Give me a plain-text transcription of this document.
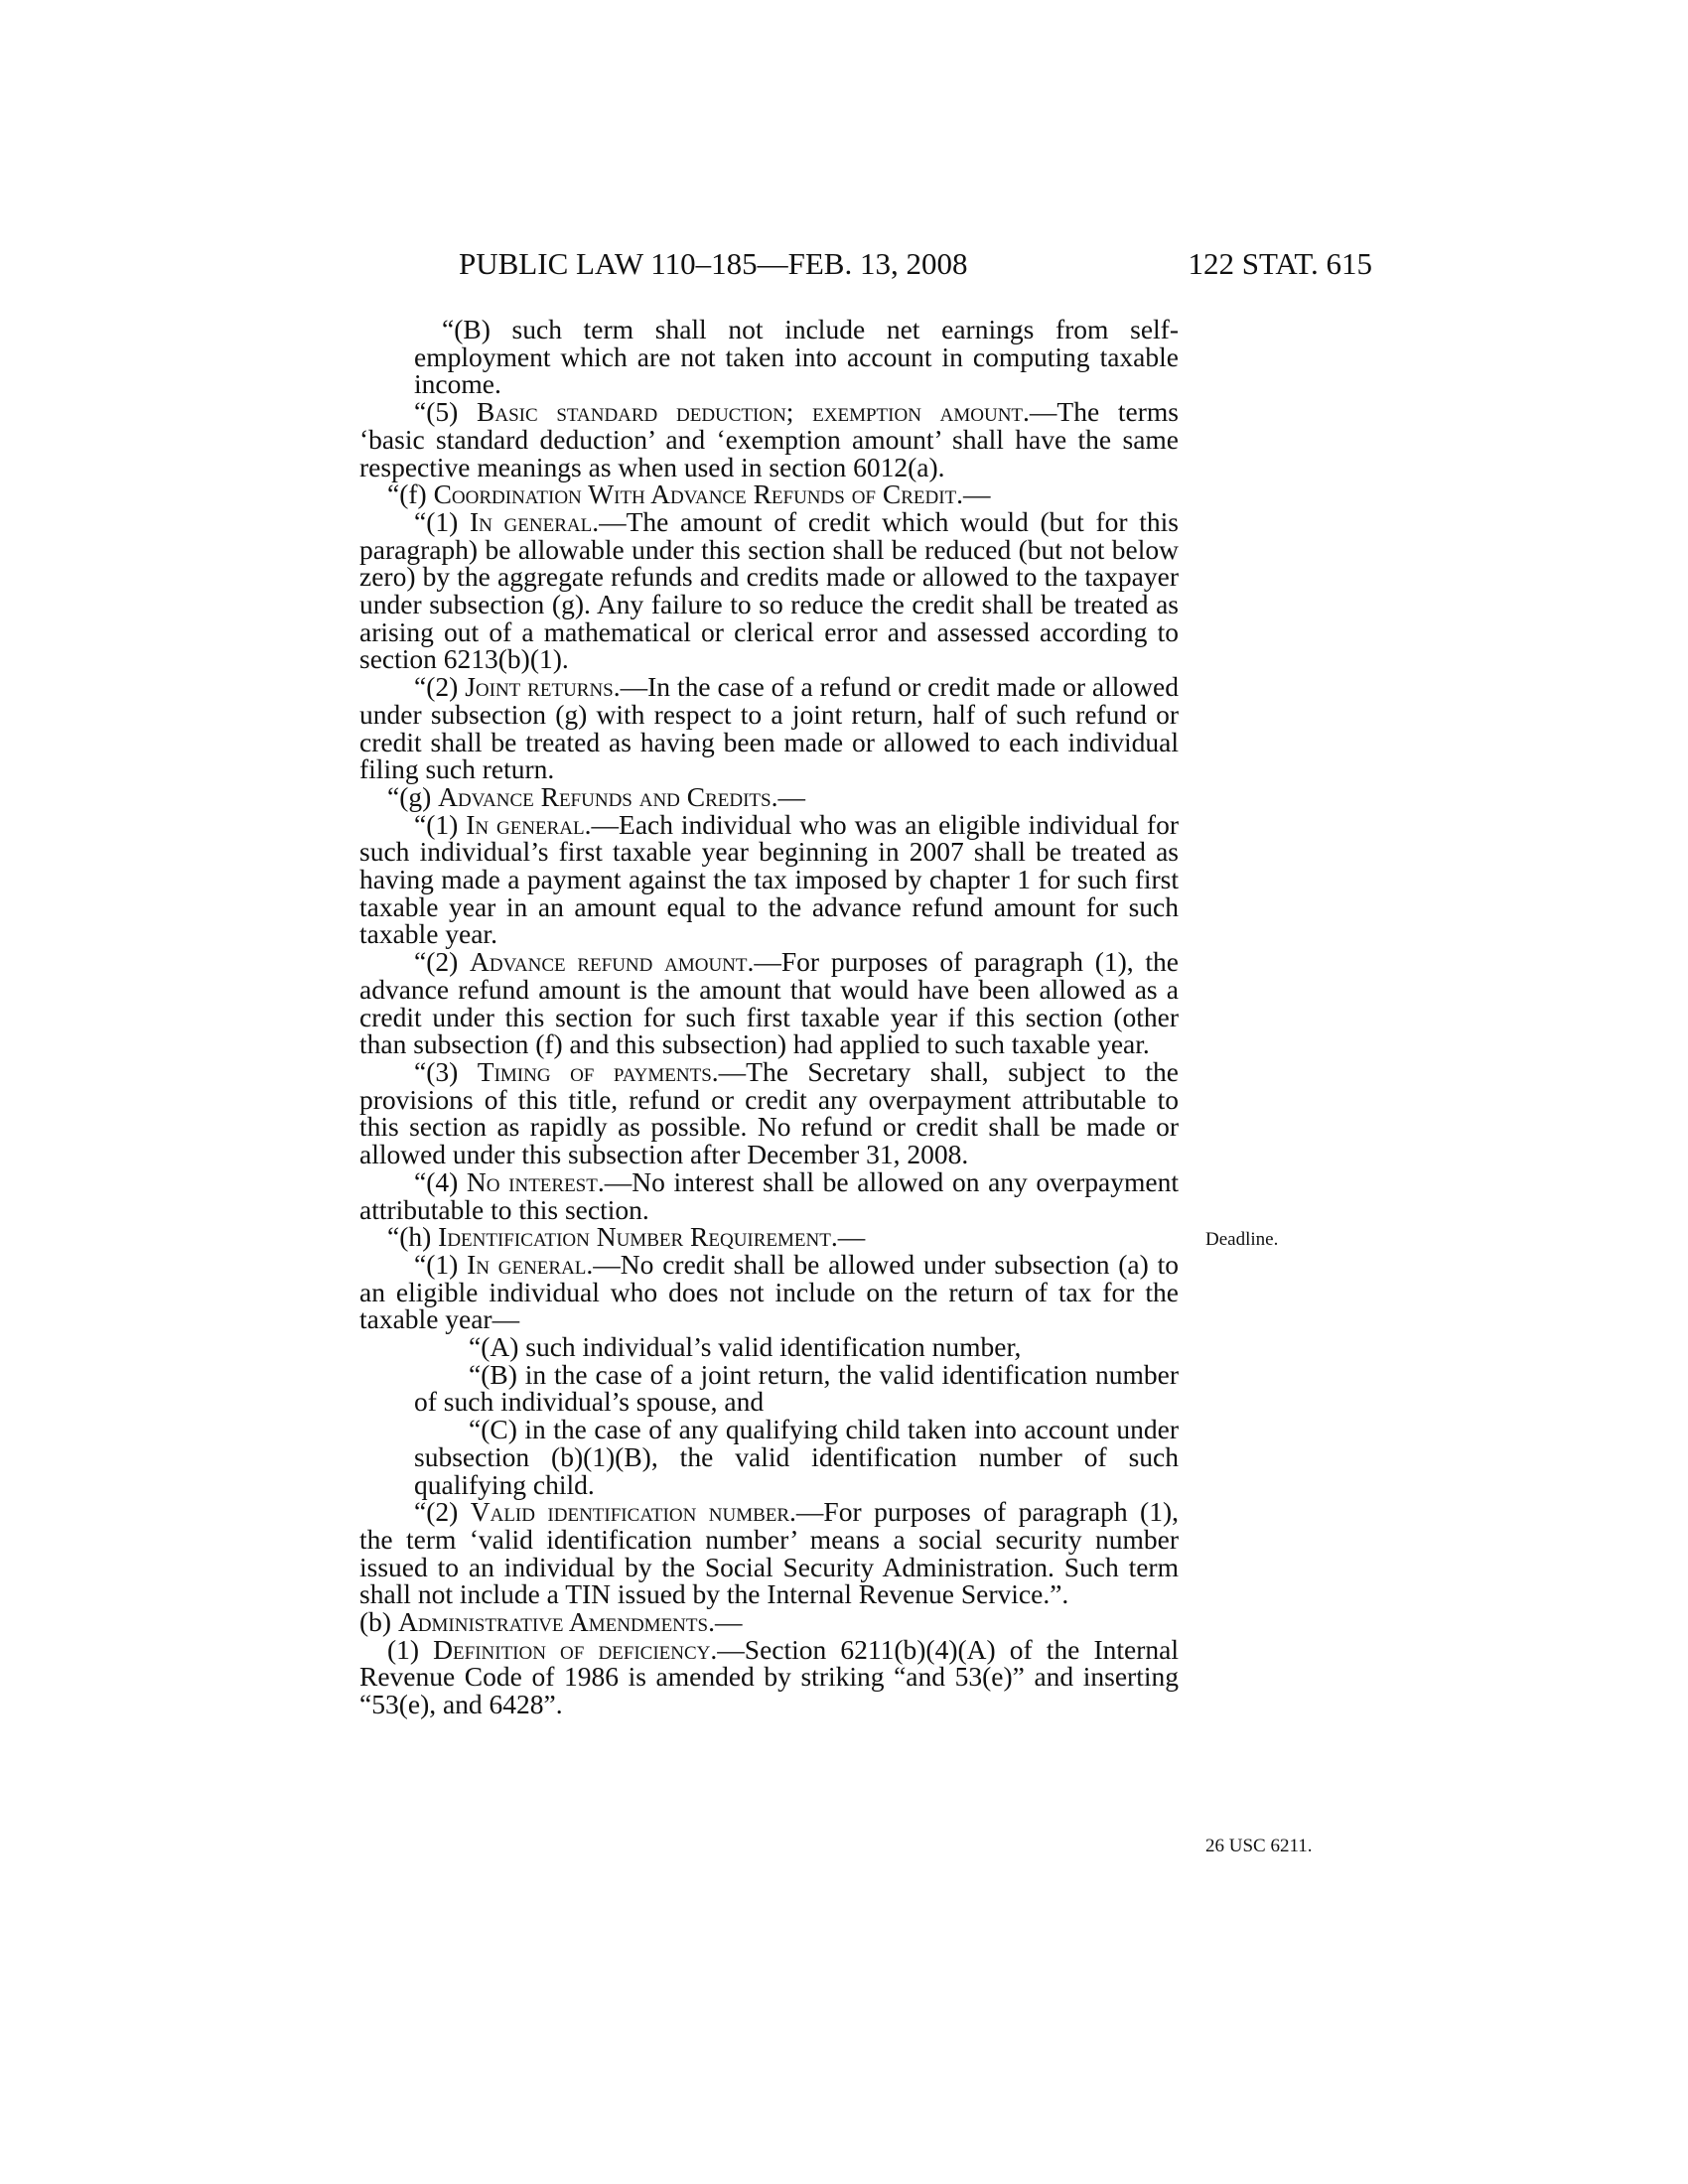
PUBLIC LAW 110–185—FEB. 13, 2008	122 STAT. 615

“(B) such term shall not include net earnings from self-employment which are not taken into account in computing taxable income.

“(5) Basic standard deduction; exemption amount.—The terms ‘basic standard deduction’ and ‘exemption amount’ shall have the same respective meanings as when used in section 6012(a).

“(f) Coordination With Advance Refunds of Credit.—

“(1) In general.—The amount of credit which would (but for this paragraph) be allowable under this section shall be reduced (but not below zero) by the aggregate refunds and credits made or allowed to the taxpayer under subsection (g). Any failure to so reduce the credit shall be treated as arising out of a mathematical or clerical error and assessed according to section 6213(b)(1).

“(2) Joint returns.—In the case of a refund or credit made or allowed under subsection (g) with respect to a joint return, half of such refund or credit shall be treated as having been made or allowed to each individual filing such return.

“(g) Advance Refunds and Credits.—

“(1) In general.—Each individual who was an eligible individual for such individual’s first taxable year beginning in 2007 shall be treated as having made a payment against the tax imposed by chapter 1 for such first taxable year in an amount equal to the advance refund amount for such taxable year.

“(2) Advance refund amount.—For purposes of paragraph (1), the advance refund amount is the amount that would have been allowed as a credit under this section for such first taxable year if this section (other than subsection (f) and this subsection) had applied to such taxable year.

“(3) Timing of payments.—The Secretary shall, subject to the provisions of this title, refund or credit any overpayment attributable to this section as rapidly as possible. No refund or credit shall be made or allowed under this subsection after December 31, 2008.

“(4) No interest.—No interest shall be allowed on any overpayment attributable to this section.

“(h) Identification Number Requirement.—

“(1) In general.—No credit shall be allowed under subsection (a) to an eligible individual who does not include on the return of tax for the taxable year—

“(A) such individual’s valid identification number,

“(B) in the case of a joint return, the valid identification number of such individual’s spouse, and

“(C) in the case of any qualifying child taken into account under subsection (b)(1)(B), the valid identification number of such qualifying child.

“(2) Valid identification number.—For purposes of paragraph (1), the term ‘valid identification number’ means a social security number issued to an individual by the Social Security Administration. Such term shall not include a TIN issued by the Internal Revenue Service.”.

(b) Administrative Amendments.—

(1) Definition of deficiency.—Section 6211(b)(4)(A) of the Internal Revenue Code of 1986 is amended by striking “and 53(e)” and inserting “53(e), and 6428”.

Deadline.
26 USC 6211.
